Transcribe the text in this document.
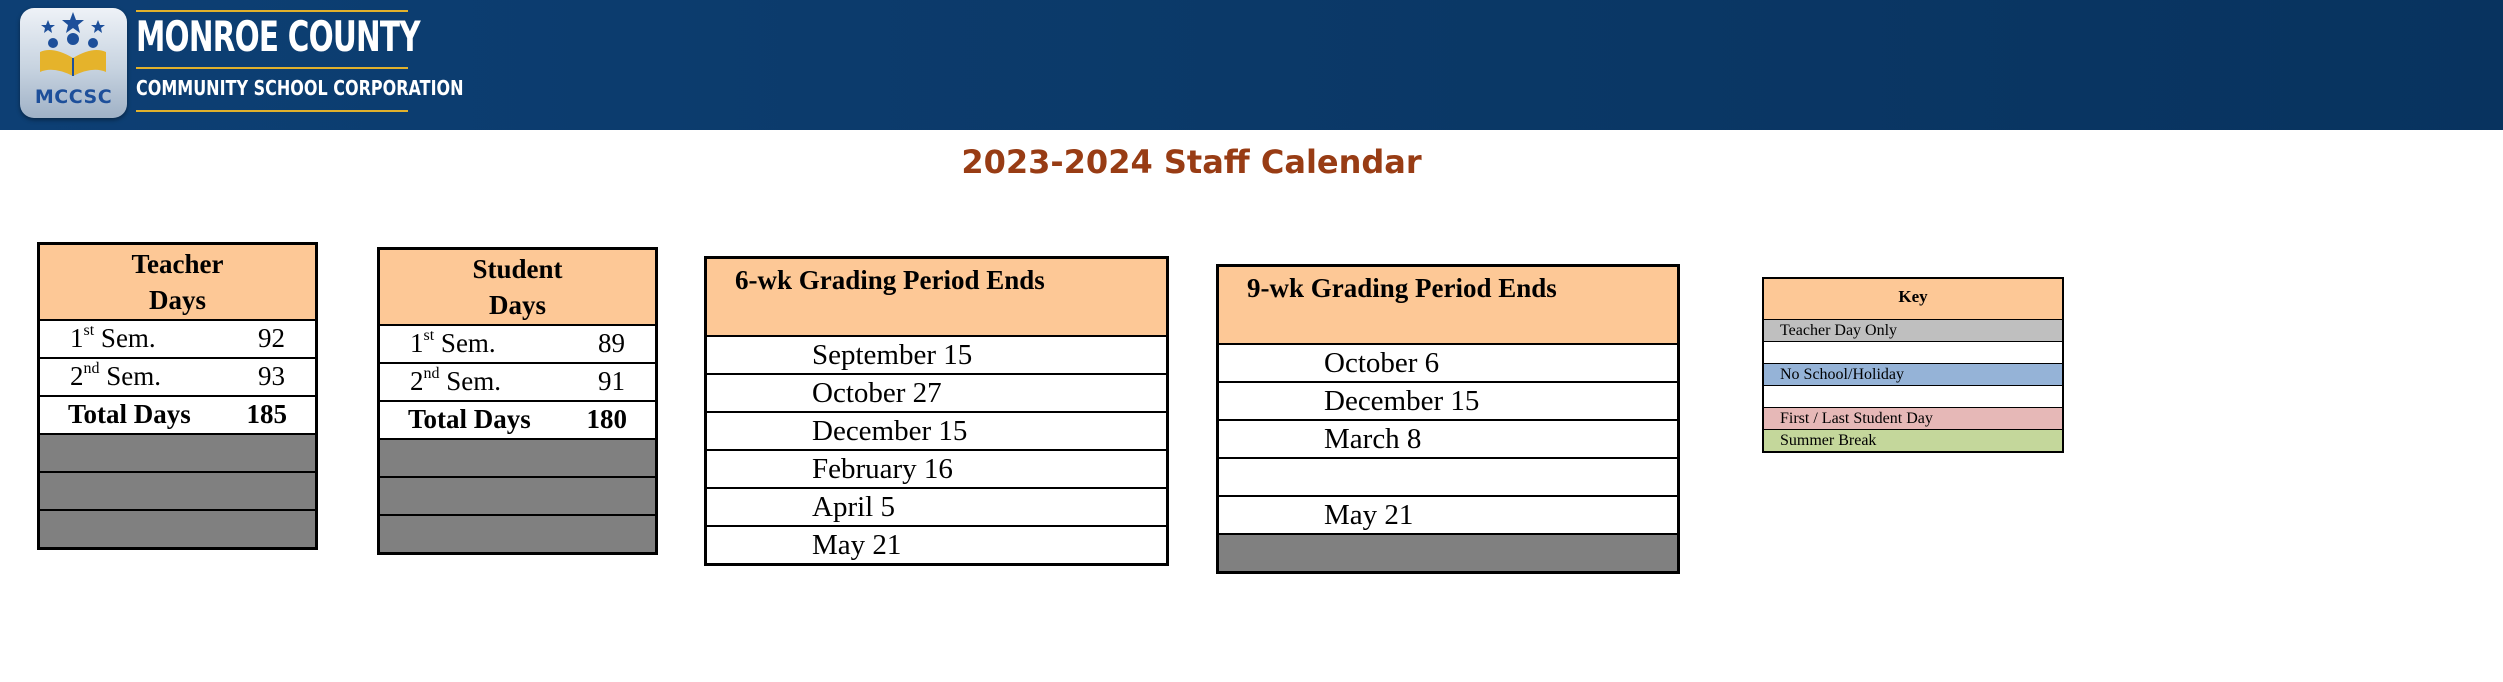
MCCSC
MONROE COUNTY
COMMUNITY SCHOOL CORPORATION
2023-2024 Staff Calendar
Teacher
Days

1st Sem.	92

2nd Sem.	93

Total Days 185

Student
Days

1st Sem.	89

2nd Sem.	91

Total Days 180

6-wk Grading Period Ends

September 15

October 27

December 15

February 16

April 5

May 21
9-wk Grading Period Ends

October 6

December 15

March 8

May 21

Key
Teacher Day Only
No School/Holiday
First / Last Student Day
Summer Break
